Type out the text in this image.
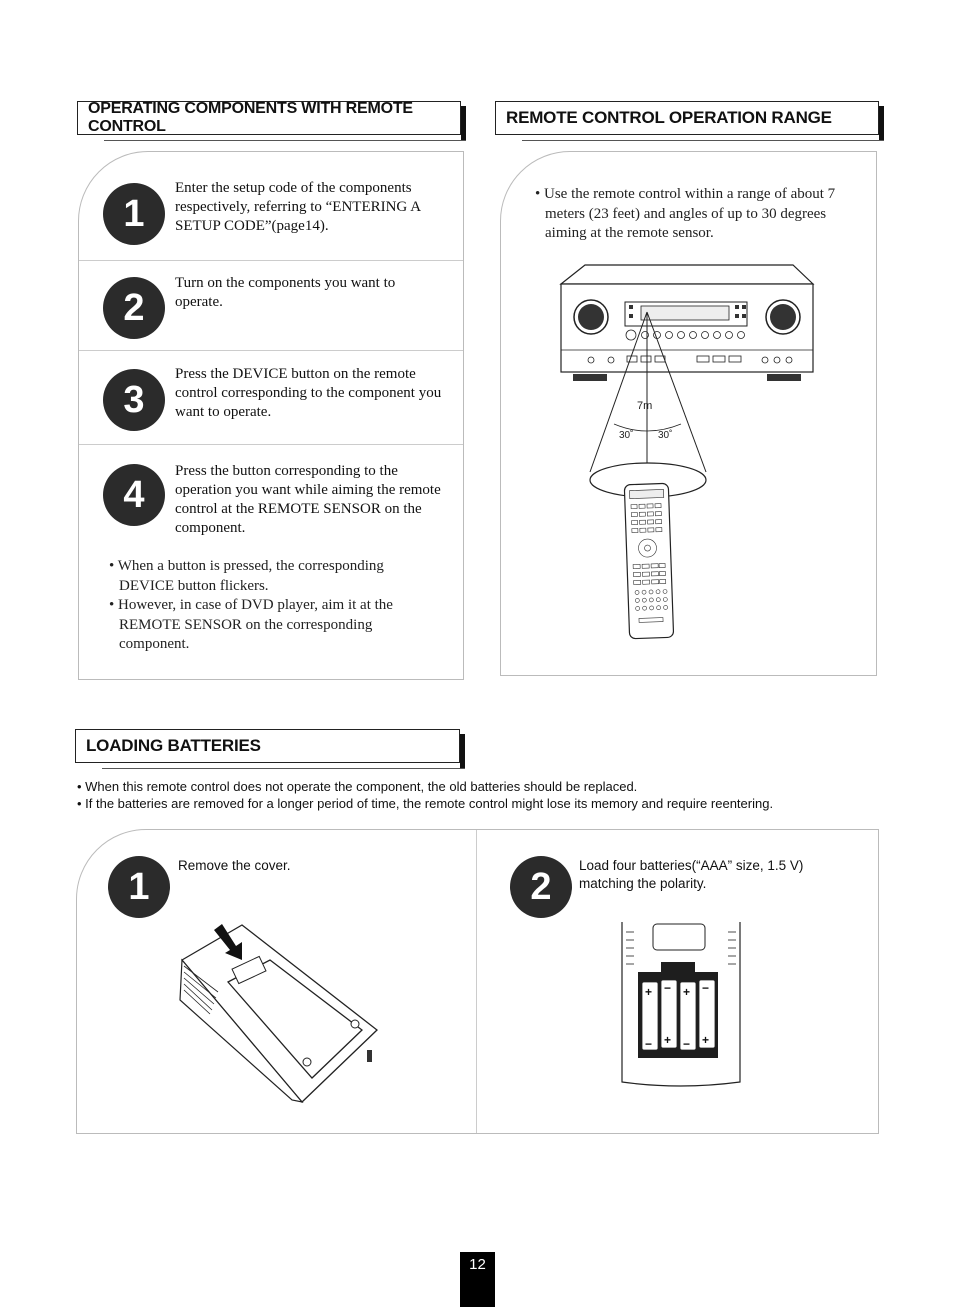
OPERATING COMPONENTS WITH REMOTE CONTROL	REMOTE CONTROL OPERATION RANGE
1
Enter the setup code of the components respectively, referring to “ENTERING A SETUP CODE”(page14).
2
Turn on the components you want to operate.
3
Press the DEVICE button on the remote control corresponding to the component you want to operate.
4
Press the button corresponding to the operation you want while aiming the remote control at the REMOTE SENSOR on the component.

• When a button is pressed, the corresponding DEVICE button flickers.

• However, in case of DVD player, aim it at the REMOTE SENSOR on the corresponding component.

• Use the remote control within a range of about 7 meters (23 feet) and angles of up to 30 degrees aiming at the remote sensor.

7m
30˚ 30˚
LOADING BATTERIES

• When this remote control does not operate the component, the old batteries should be replaced.

• If the batteries are removed for a longer period of time, the remote control might lose its memory and require reentering.

1 Remove the cover.	2 Load four batteries(“AAA” size, 1.5 V) matching the polarity.
+
−
−
+
+
−
−
+
12
